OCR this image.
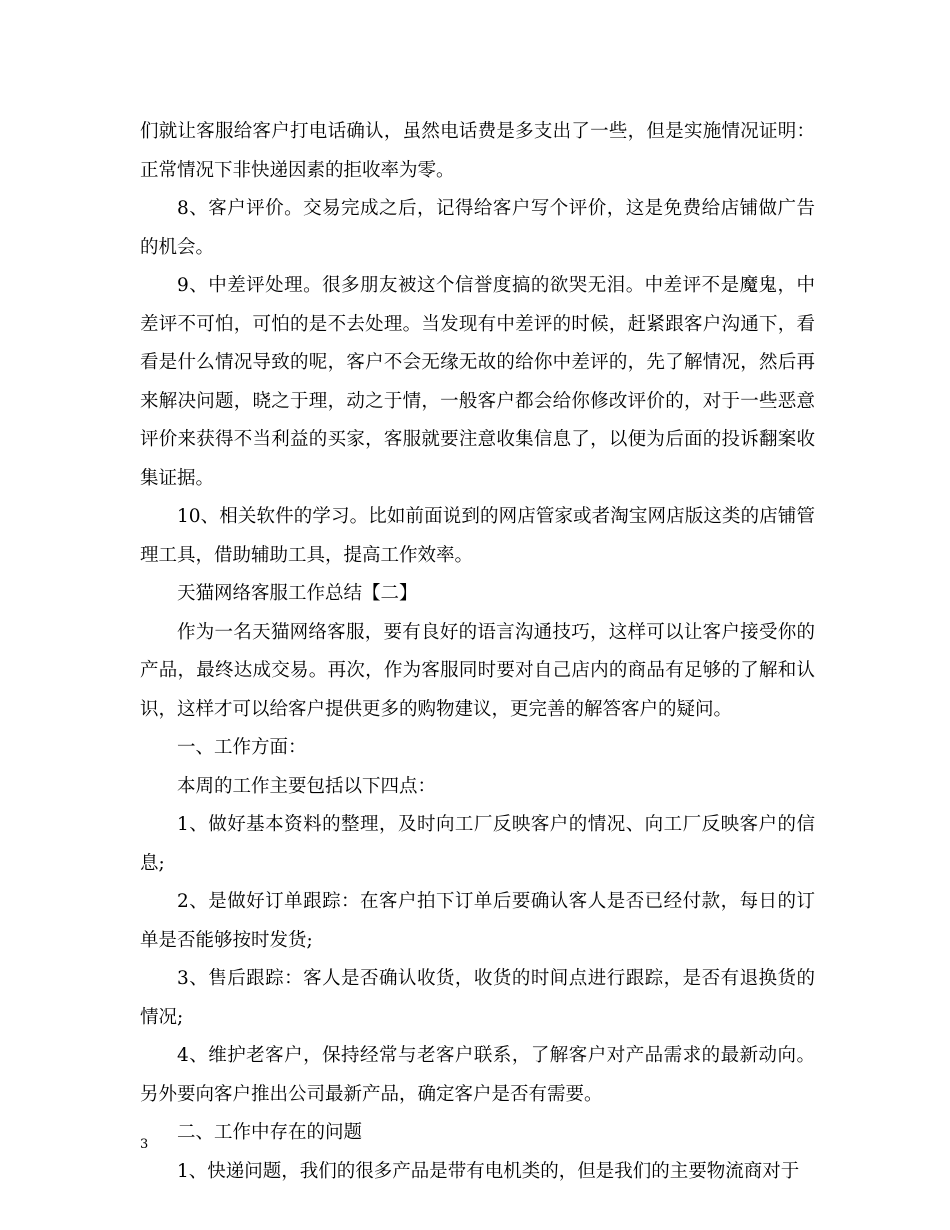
们就让客服给客户打电话确认，虽然电话费是多支出了一些，但是实施情况证明：正常情况下非快递因素的拒收率为零。

8、客户评价。交易完成之后，记得给客户写个评价，这是免费给店铺做广告的机会。

9、中差评处理。很多朋友被这个信誉度搞的欲哭无泪。中差评不是魔鬼，中差评不可怕，可怕的是不去处理。当发现有中差评的时候，赶紧跟客户沟通下，看看是什么情况导致的呢，客户不会无缘无故的给你中差评的，先了解情况，然后再来解决问题，晓之于理，动之于情，一般客户都会给你修改评价的，对于一些恶意评价来获得不当利益的买家，客服就要注意收集信息了，以便为后面的投诉翻案收集证据。

10、相关软件的学习。比如前面说到的网店管家或者淘宝网店版这类的店铺管理工具，借助辅助工具，提高工作效率。

天猫网络客服工作总结【二】

作为一名天猫网络客服，要有良好的语言沟通技巧，这样可以让客户接受你的产品，最终达成交易。再次，作为客服同时要对自己店内的商品有足够的了解和认识，这样才可以给客户提供更多的购物建议，更完善的解答客户的疑问。

一、工作方面：

本周的工作主要包括以下四点：

1、做好基本资料的整理，及时向工厂反映客户的情况、向工厂反映客户的信息;

2、是做好订单跟踪：在客户拍下订单后要确认客人是否已经付款，每日的订单是否能够按时发货;

3、售后跟踪：客人是否确认收货，收货的时间点进行跟踪，是否有退换货的情况;

4、维护老客户，保持经常与老客户联系，了解客户对产品需求的最新动向。另外要向客户推出公司最新产品，确定客户是否有需要。

二、工作中存在的问题

1、快递问题，我们的很多产品是带有电机类的，但是我们的主要物流商对于

3
